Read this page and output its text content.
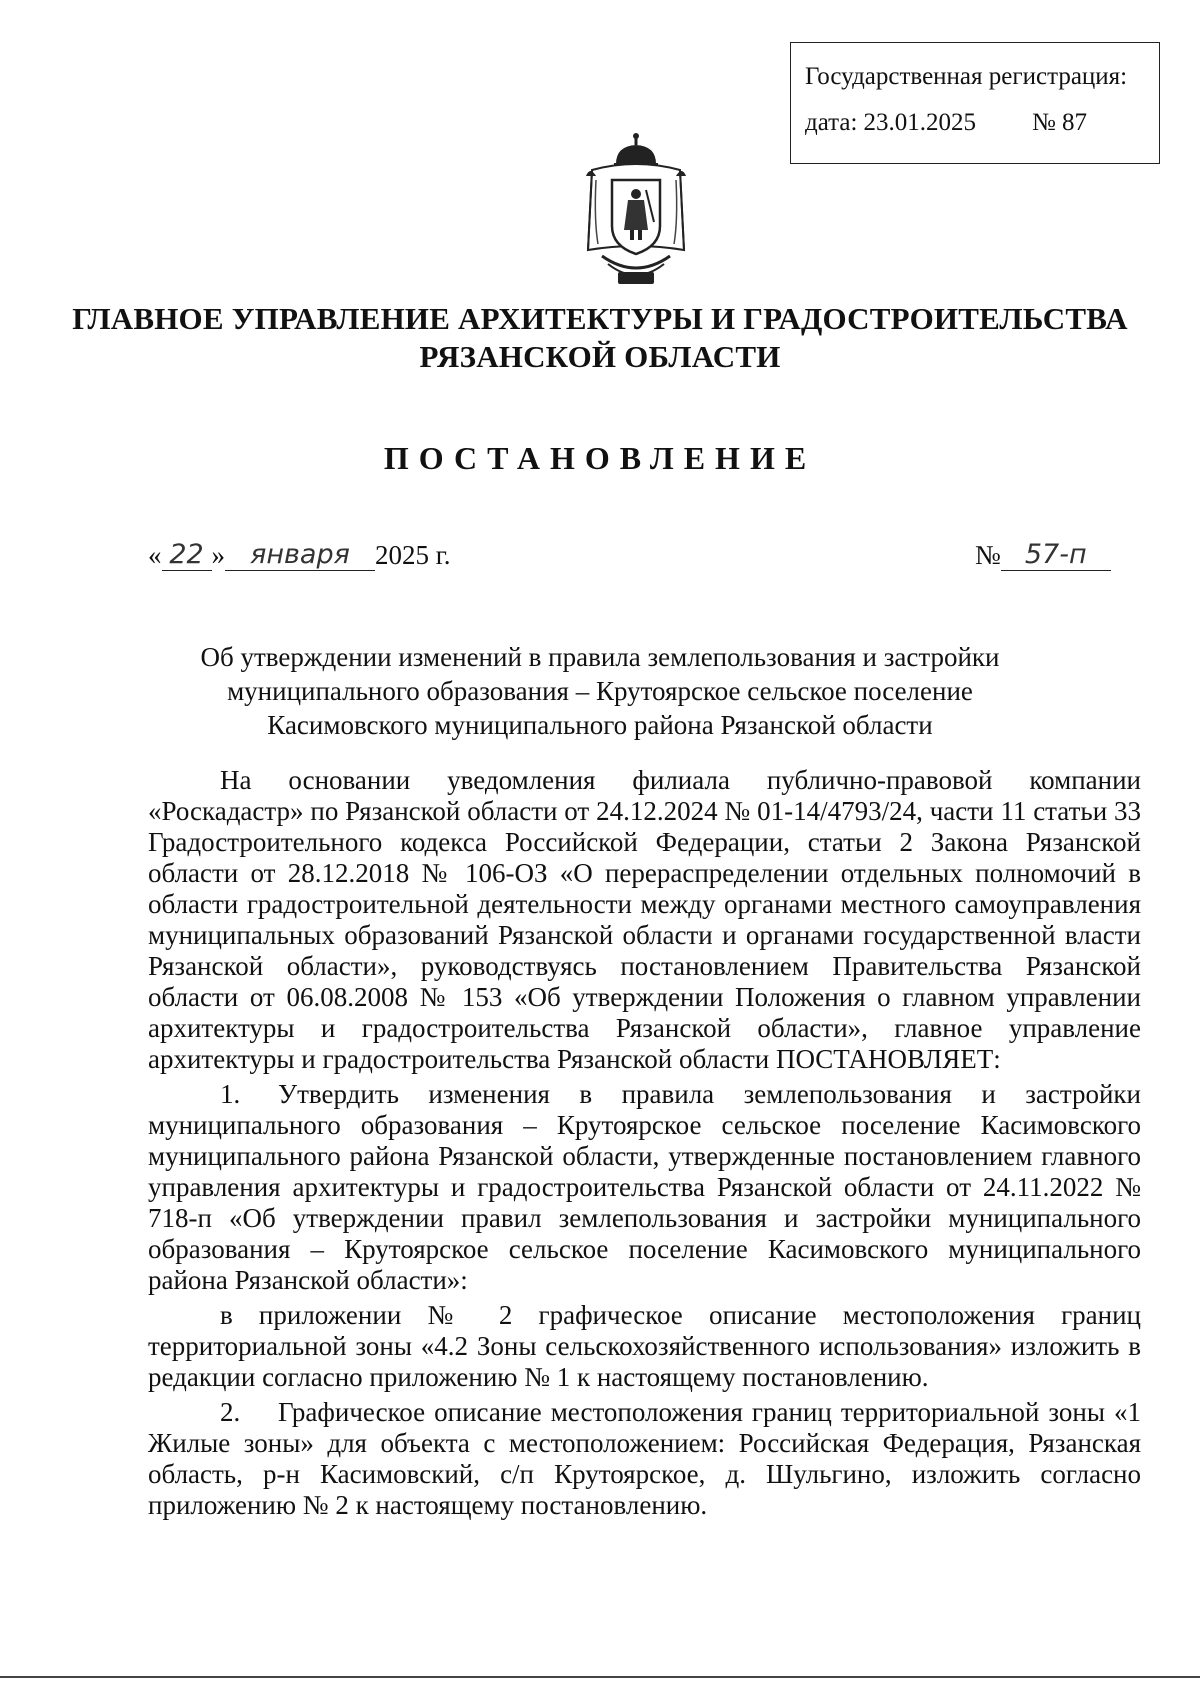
Государственная регистрация:
дата: 23.01.2025 № 87
ГЛАВНОЕ УПРАВЛЕНИЕ АРХИТЕКТУРЫ И ГРАДОСТРОИТЕЛЬСТВА
РЯЗАНСКОЙ ОБЛАСТИ
ПОСТАНОВЛЕНИЕ
« 22 » января 2025 г.	№ 57-п
Об утверждении изменений в правила землепользования и застройки
муниципального образования – Крутоярское сельское поселение
Касимовского муниципального района Рязанской области

На основании уведомления филиала публично-правовой компании «Роскадастр» по Рязанской области от 24.12.2024 № 01-14/4793/24, части 11 статьи 33 Градостроительного кодекса Российской Федерации, статьи 2 Закона Рязанской области от 28.12.2018 № 106-ОЗ «О перераспределении отдельных полномочий в области градостроительной деятельности между органами местного самоуправления муниципальных образований Рязанской области и органами государственной власти Рязанской области», руководствуясь постановлением Правительства Рязанской области от 06.08.2008 № 153 «Об утверждении Положения о главном управлении архитектуры и градостроительства Рязанской области», главное управление архитектуры и градостроительства Рязанской области ПОСТАНОВЛЯЕТ:

1. Утвердить изменения в правила землепользования и застройки муниципального образования – Крутоярское сельское поселение Касимовского муниципального района Рязанской области, утвержденные постановлением главного управления архитектуры и градостроительства Рязанской области от 24.11.2022 № 718-п «Об утверждении правил землепользования и застройки муниципального образования – Крутоярское сельское поселение Касимовского муниципального района Рязанской области»:

в приложении № 2 графическое описание местоположения границ территориальной зоны «4.2 Зоны сельскохозяйственного использования» изложить в редакции согласно приложению № 1 к настоящему постановлению.

2. Графическое описание местоположения границ территориальной зоны «1 Жилые зоны» для объекта с местоположением: Российская Федерация, Рязанская область, р-н Касимовский, с/п Крутоярское, д. Шульгино, изложить согласно приложению № 2 к настоящему постановлению.
